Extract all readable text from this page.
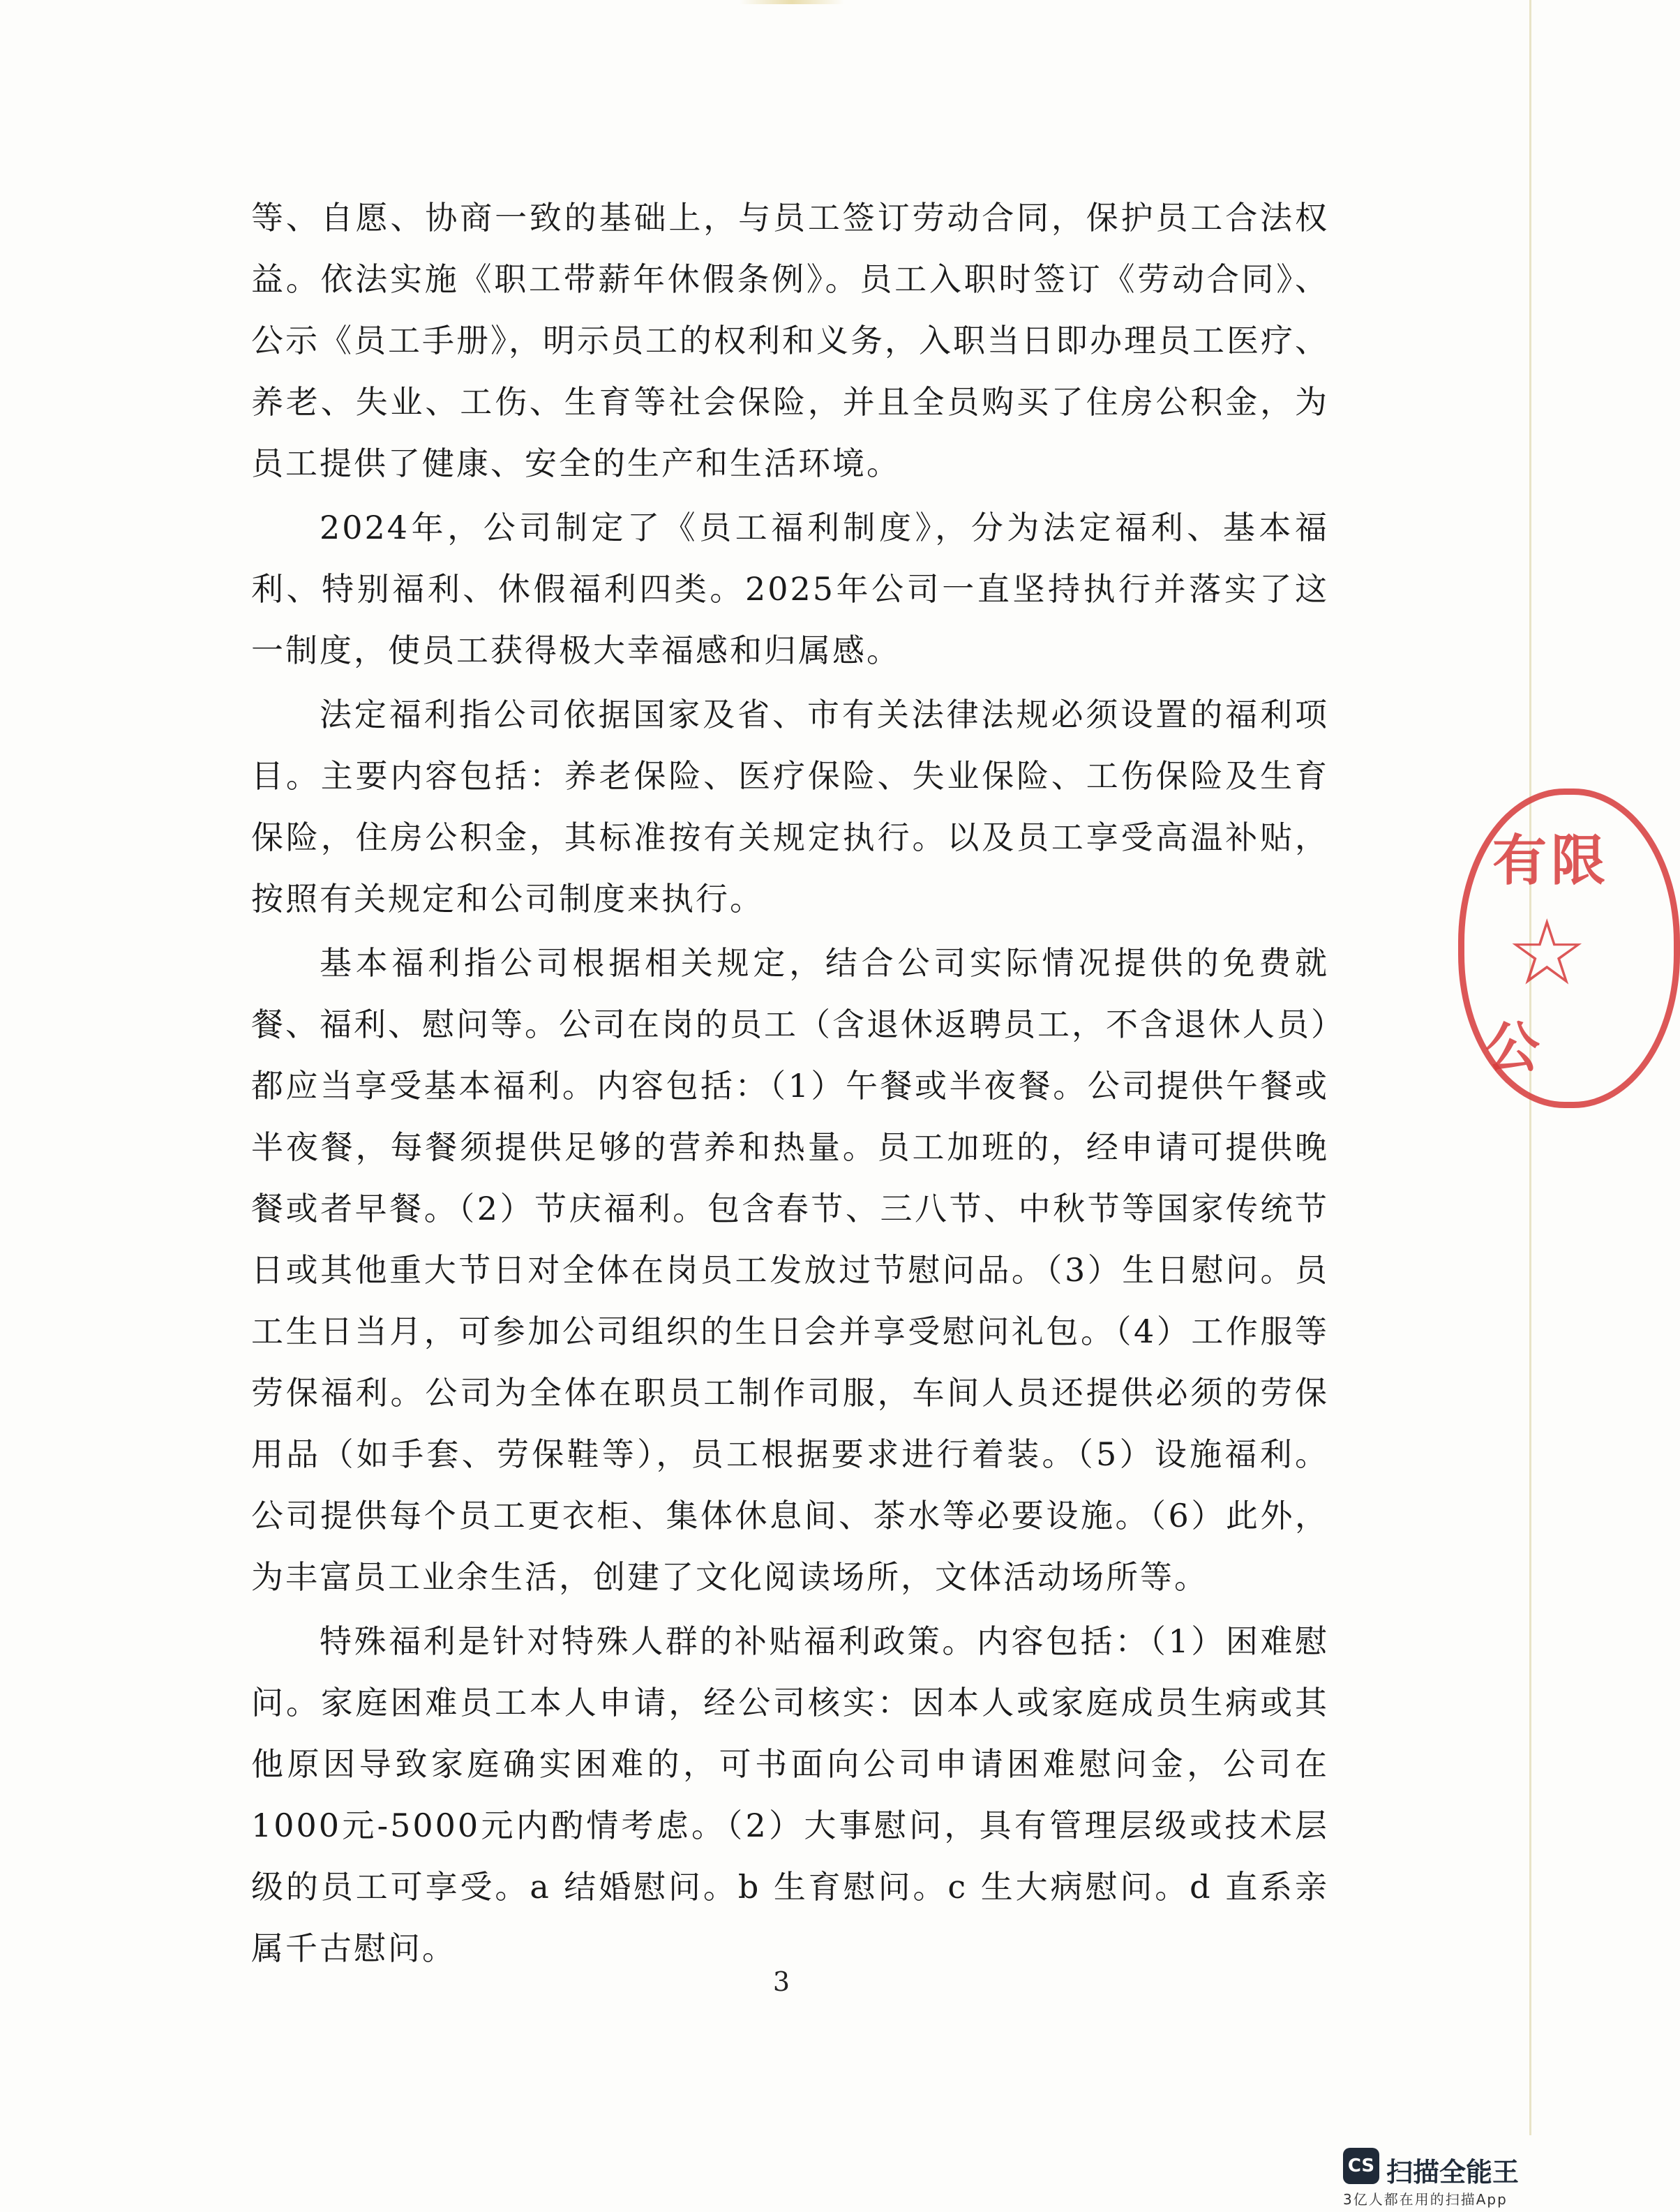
等、自愿、协商一致的基础上，与员工签订劳动合同，保护员工合法权益。依法实施《职工带薪年休假条例》。员工入职时签订《劳动合同》、公示《员工手册》，明示员工的权利和义务，入职当日即办理员工医疗、养老、失业、工伤、生育等社会保险，并且全员购买了住房公积金，为员工提供了健康、安全的生产和生活环境。

2024年，公司制定了《员工福利制度》，分为法定福利、基本福利、特别福利、休假福利四类。2025年公司一直坚持执行并落实了这一制度，使员工获得极大幸福感和归属感。

法定福利指公司依据国家及省、市有关法律法规必须设置的福利项目。主要内容包括：养老保险、医疗保险、失业保险、工伤保险及生育保险，住房公积金，其标准按有关规定执行。以及员工享受高温补贴，按照有关规定和公司制度来执行。

基本福利指公司根据相关规定，结合公司实际情况提供的免费就餐、福利、慰问等。公司在岗的员工（含退休返聘员工，不含退休人员）都应当享受基本福利。内容包括：（1）午餐或半夜餐。公司提供午餐或半夜餐，每餐须提供足够的营养和热量。员工加班的，经申请可提供晚餐或者早餐。（2）节庆福利。包含春节、三八节、中秋节等国家传统节日或其他重大节日对全体在岗员工发放过节慰问品。（3）生日慰问。员工生日当月，可参加公司组织的生日会并享受慰问礼包。（4）工作服等劳保福利。公司为全体在职员工制作司服，车间人员还提供必须的劳保用品（如手套、劳保鞋等），员工根据要求进行着装。（5）设施福利。公司提供每个员工更衣柜、集体休息间、茶水等必要设施。（6）此外，为丰富员工业余生活，创建了文化阅读场所，文体活动场所等。

特殊福利是针对特殊人群的补贴福利政策。内容包括：（1）困难慰问。家庭困难员工本人申请，经公司核实：因本人或家庭成员生病或其他原因导致家庭确实困难的，可书面向公司申请困难慰问金，公司在1000元-5000元内酌情考虑。（2）大事慰问，具有管理层级或技术层级的员工可享受。a 结婚慰问。b 生育慰问。c 生大病慰问。d 直系亲属千古慰问。

有限
☆
公
3
CS 扫描全能王
3亿人都在用的扫描App
